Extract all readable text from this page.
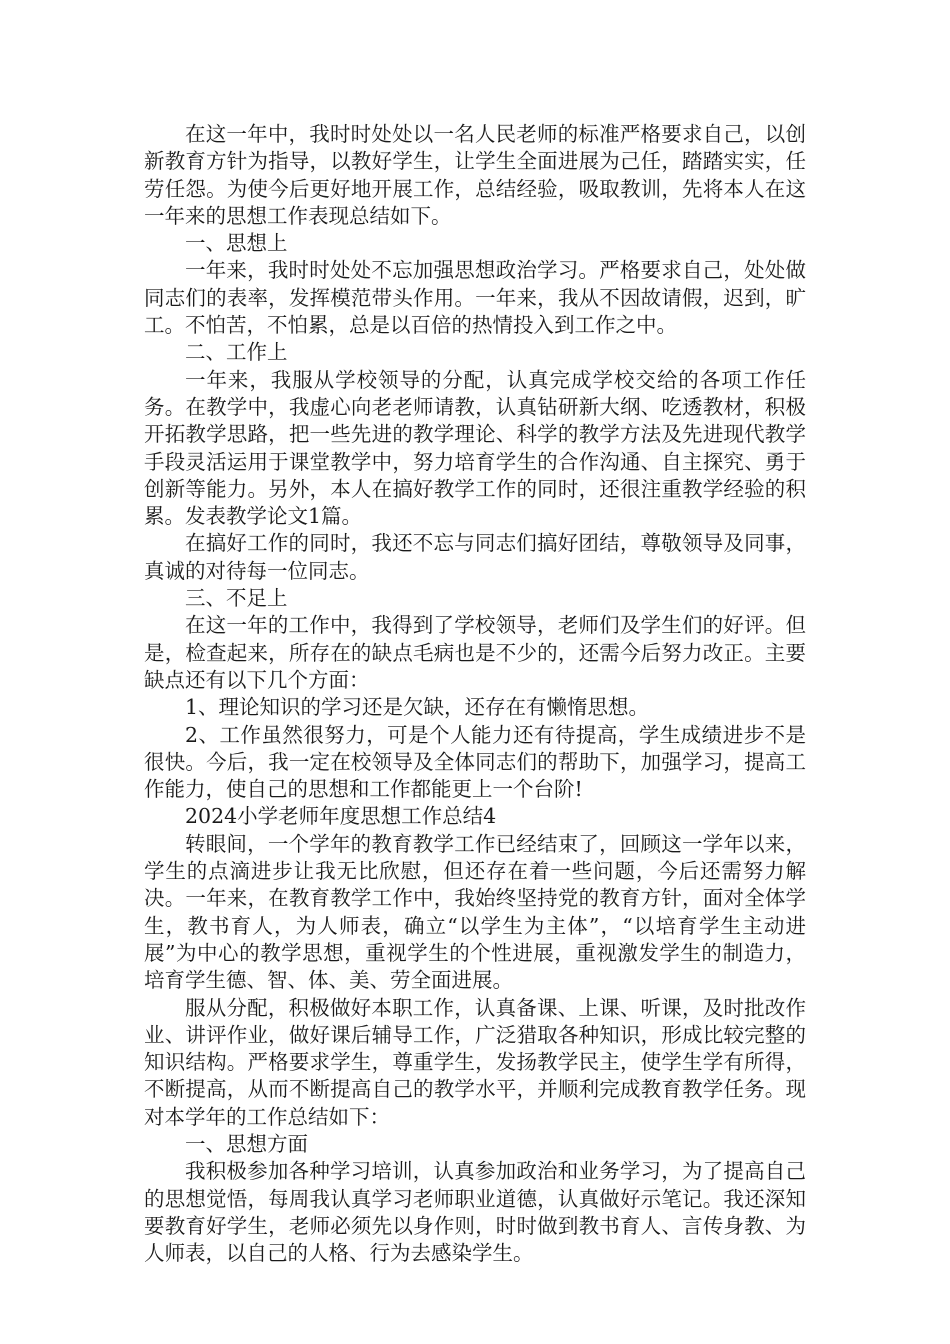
在这一年中，我时时处处以一名人民老师的标准严格要求自己，以创新教育方针为指导，以教好学生，让学生全面进展为己任，踏踏实实，任劳任怨。为使今后更好地开展工作，总结经验，吸取教训，先将本人在这一年来的思想工作表现总结如下。

一、思想上

一年来，我时时处处不忘加强思想政治学习。严格要求自己，处处做同志们的表率，发挥模范带头作用。一年来，我从不因故请假，迟到，旷工。不怕苦，不怕累，总是以百倍的热情投入到工作之中。

二、工作上

一年来，我服从学校领导的分配，认真完成学校交给的各项工作任务。在教学中，我虚心向老老师请教，认真钻研新大纲、吃透教材，积极开拓教学思路，把一些先进的教学理论、科学的教学方法及先进现代教学手段灵活运用于课堂教学中，努力培育学生的合作沟通、自主探究、勇于创新等能力。另外，本人在搞好教学工作的同时，还很注重教学经验的积累。发表教学论文1篇。

在搞好工作的同时，我还不忘与同志们搞好团结，尊敬领导及同事，真诚的对待每一位同志。

三、不足上

在这一年的工作中，我得到了学校领导，老师们及学生们的好评。但是，检查起来，所存在的缺点毛病也是不少的，还需今后努力改正。主要缺点还有以下几个方面：

1、理论知识的学习还是欠缺，还存在有懒惰思想。

2、工作虽然很努力，可是个人能力还有待提高，学生成绩进步不是很快。今后，我一定在校领导及全体同志们的帮助下，加强学习，提高工作能力，使自己的思想和工作都能更上一个台阶!

2024小学老师年度思想工作总结4

转眼间，一个学年的教育教学工作已经结束了，回顾这一学年以来，学生的点滴进步让我无比欣慰，但还存在着一些问题，今后还需努力解决。一年来，在教育教学工作中，我始终坚持党的教育方针，面对全体学生，教书育人，为人师表，确立“以学生为主体”，“以培育学生主动进展”为中心的教学思想，重视学生的个性进展，重视激发学生的制造力，培育学生德、智、体、美、劳全面进展。

服从分配，积极做好本职工作，认真备课、上课、听课，及时批改作业、讲评作业，做好课后辅导工作，广泛猎取各种知识，形成比较完整的知识结构。严格要求学生，尊重学生，发扬教学民主，使学生学有所得，不断提高，从而不断提高自己的教学水平，并顺利完成教育教学任务。现对本学年的工作总结如下：

一、思想方面

我积极参加各种学习培训，认真参加政治和业务学习，为了提高自己的思想觉悟，每周我认真学习老师职业道德，认真做好示笔记。我还深知要教育好学生，老师必须先以身作则，时时做到教书育人、言传身教、为人师表，以自己的人格、行为去感染学生。
